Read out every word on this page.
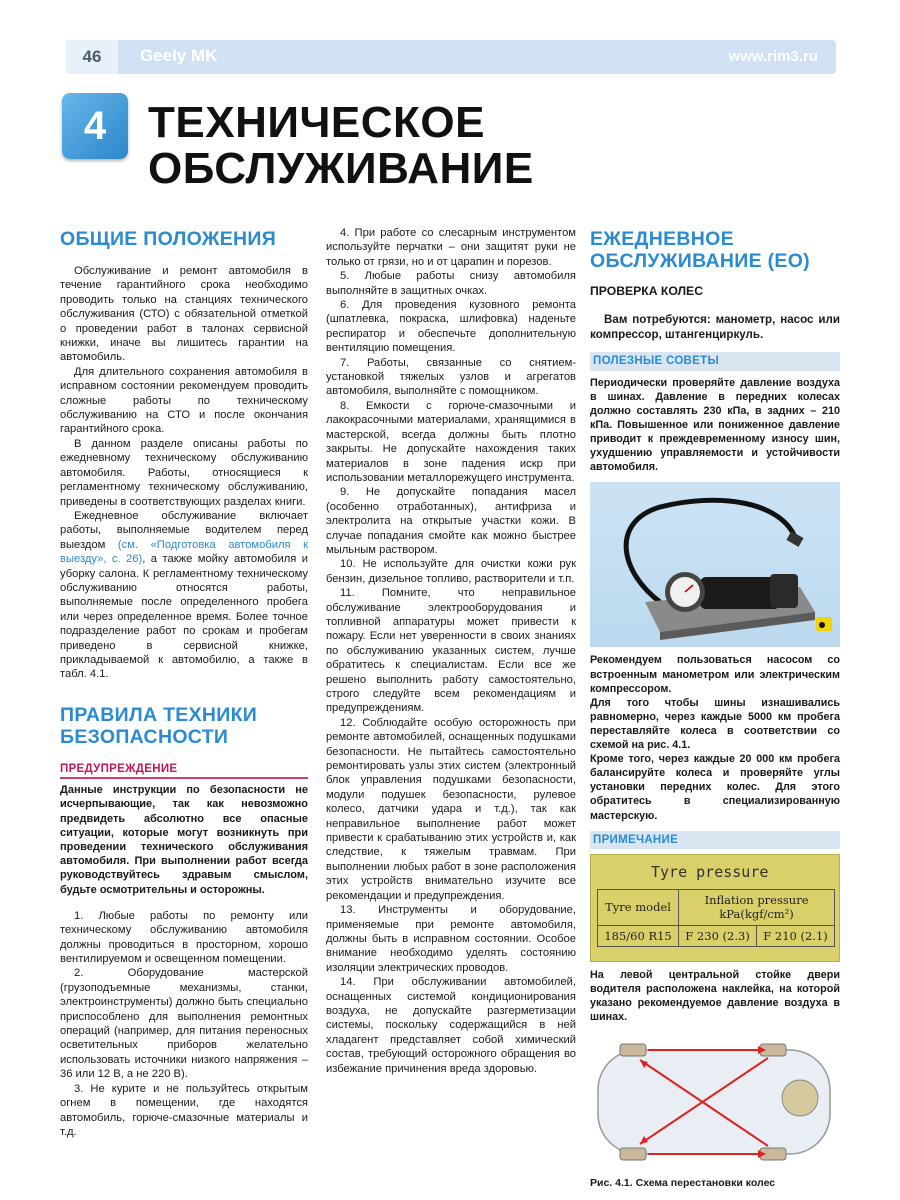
46	Geely MK	www.rim3.ru
4 ТЕХНИЧЕСКОЕ
ОБСЛУЖИВАНИЕ
ОБЩИЕ ПОЛОЖЕНИЯ
Обслуживание и ремонт автомобиля в течение гарантийного срока необходимо проводить только на станциях технического обслуживания (СТО) с обязательной отметкой о проведении работ в талонах сервисной книжки, иначе вы лишитесь гарантии на автомобиль.
Для длительного сохранения автомобиля в исправном состоянии рекомендуем проводить сложные работы по техническому обслуживанию на СТО и после окончания гарантийного срока.
В данном разделе описаны работы по ежедневному техническому обслуживанию автомобиля. Работы, относящиеся к регламентному техническому обслуживанию, приведены в соответствующих разделах книги.
Ежедневное обслуживание включает работы, выполняемые водителем перед выездом (см. «Подготовка автомобиля к выезду», с. 26), а также мойку автомобиля и уборку салона. К регламентному техническому обслуживанию относятся работы, выполняемые после определенного пробега или через определенное время. Более точное подразделение работ по срокам и пробегам приведено в сервисной книжке, прикладываемой к автомобилю, а также в табл. 4.1.
ПРАВИЛА ТЕХНИКИ
БЕЗОПАСНОСТИ
ПРЕДУПРЕЖДЕНИЕ
Данные инструкции по безопасности не исчерпывающие, так как невозможно предвидеть абсолютно все опасные ситуации, которые могут возникнуть при проведении технического обслуживания автомобиля. При выполнении работ всегда руководствуйтесь здравым смыслом, будьте осмотрительны и осторожны.
1. Любые работы по ремонту или техническому обслуживанию автомобиля должны проводиться в просторном, хорошо вентилируемом и освещенном помещении.
2. Оборудование мастерской (грузоподъемные механизмы, станки, электроинструменты) должно быть специально приспособлено для выполнения ремонтных операций (например, для питания переносных осветительных приборов желательно использовать источники низкого напряжения – 36 или 12 В, а не 220 В).
3. Не курите и не пользуйтесь открытым огнем в помещении, где находятся автомобиль, горюче-смазочные материалы и т.д.
4. При работе со слесарным инструментом используйте перчатки – они защитят руки не только от грязи, но и от царапин и порезов.
5. Любые работы снизу автомобиля выполняйте в защитных очках.
6. Для проведения кузовного ремонта (шпатлевка, покраска, шлифовка) наденьте респиратор и обеспечьте дополнительную вентиляцию помещения.
7. Работы, связанные со снятием-установкой тяжелых узлов и агрегатов автомобиля, выполняйте с помощником.
8. Емкости с горюче-смазочными и лакокрасочными материалами, хранящимися в мастерской, всегда должны быть плотно закрыты. Не допускайте нахождения таких материалов в зоне падения искр при использовании металлорежущего инструмента.
9. Не допускайте попадания масел (особенно отработанных), антифриза и электролита на открытые участки кожи. В случае попадания смойте как можно быстрее мыльным раствором.
10. Не используйте для очистки кожи рук бензин, дизельное топливо, растворители и т.п.
11. Помните, что неправильное обслуживание электрооборудования и топливной аппаратуры может привести к пожару. Если нет уверенности в своих знаниях по обслуживанию указанных систем, лучше обратитесь к специалистам. Если все же решено выполнить работу самостоятельно, строго следуйте всем рекомендациям и предупреждениям.
12. Соблюдайте особую осторожность при ремонте автомобилей, оснащенных подушками безопасности. Не пытайтесь самостоятельно ремонтировать узлы этих систем (электронный блок управления подушками безопасности, модули подушек безопасности, рулевое колесо, датчики удара и т.д.), так как неправильное выполнение работ может привести к срабатыванию этих устройств и, как следствие, к тяжелым травмам. При выполнении любых работ в зоне расположения этих устройств внимательно изучите все рекомендации и предупреждения.
13. Инструменты и оборудование, применяемые при ремонте автомобиля, должны быть в исправном состоянии. Особое внимание необходимо уделять состоянию изоляции электрических проводов.
14. При обслуживании автомобилей, оснащенных системой кондиционирования воздуха, не допускайте разгерметизации системы, поскольку содержащийся в ней хладагент представляет собой химический состав, требующий осторожного обращения во избежание причинения вреда здоровью.
ЕЖЕДНЕВНОЕ
ОБСЛУЖИВАНИЕ (ЕО)
ПРОВЕРКА КОЛЕС
Вам потребуются: манометр, насос или компрессор, штангенциркуль.
ПОЛЕЗНЫЕ СОВЕТЫ
Периодически проверяйте давление воздуха в шинах. Давление в передних колесах должно составлять 230 кПа, в задних – 210 кПа. Повышенное или пониженное давление приводит к преждевременному износу шин, ухудшению управляемости и устойчивости автомобиля.
Рекомендуем пользоваться насосом со встроенным манометром или электрическим компрессором.
Для того чтобы шины изнашивались равномерно, через каждые 5000 км пробега переставляйте колеса в соответствии со схемой на рис. 4.1.
Кроме того, через каждые 20 000 км пробега балансируйте колеса и проверяйте углы установки передних колес. Для этого обратитесь в специализированную мастерскую.
ПРИМЕЧАНИЕ
Tyre pressure
Tyre model	Inflation pressure
kPa(kgf/cm²)	

185/60 R15	F 230 (2.3)	F 210 (2.1)
На левой центральной стойке двери водителя расположена наклейка, на которой указано рекомендуемое давление воздуха в шинах.
Рис. 4.1. Схема перестановки колес
